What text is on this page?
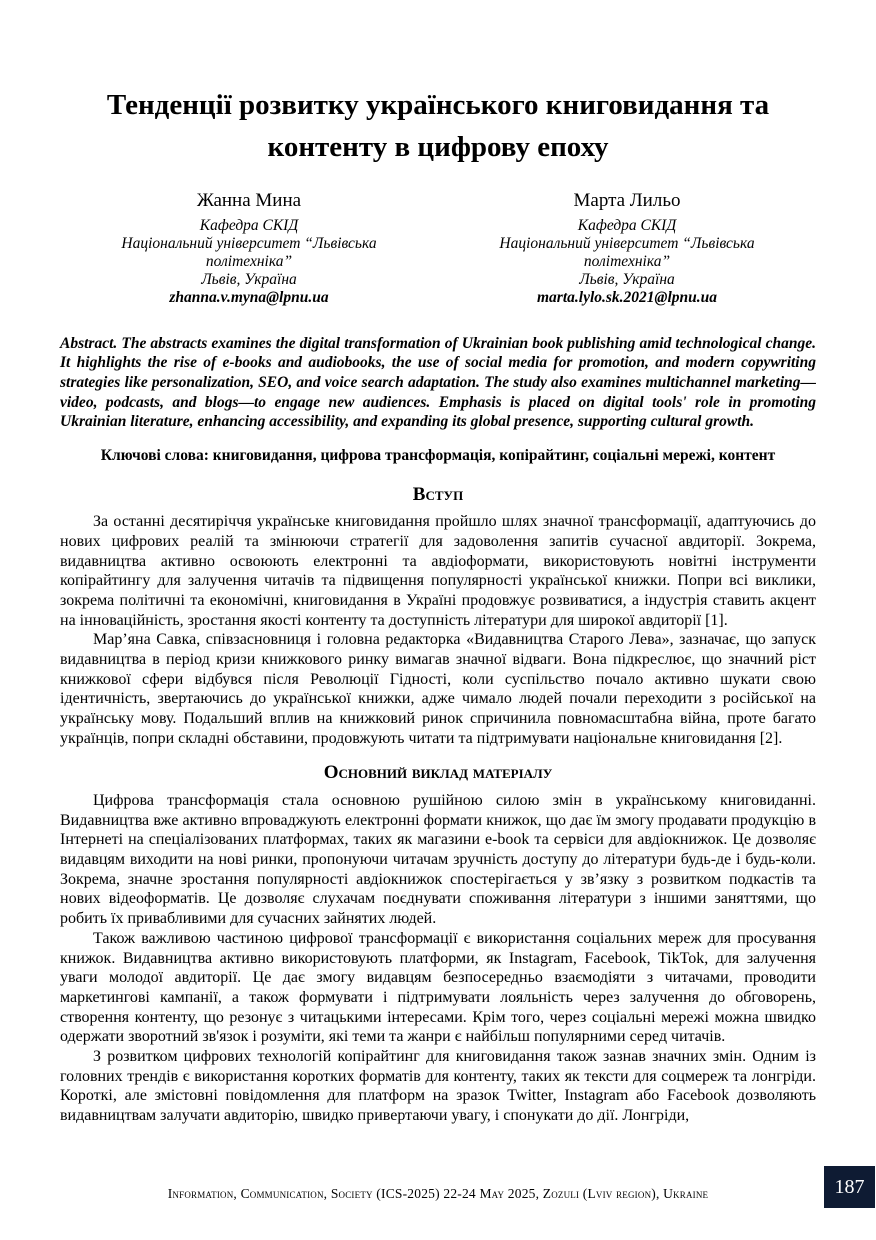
Тенденції розвитку українського книговидання та контенту в цифрову епоху
Жанна Мина
Кафедра СКІД
Національний університет “Львівська політехніка”
Львів, Україна
zhanna.v.myna@lpnu.ua
Марта Лильо
Кафедра СКІД
Національний університет “Львівська політехніка”
Львів, Україна
marta.lylo.sk.2021@lpnu.ua

Abstract. The abstracts examines the digital transformation of Ukrainian book publishing amid technological change. It highlights the rise of e-books and audiobooks, the use of social media for promotion, and modern copywriting strategies like personalization, SEO, and voice search adaptation. The study also examines multichannel marketing—video, podcasts, and blogs—to engage new audiences. Emphasis is placed on digital tools' role in promoting Ukrainian literature, enhancing accessibility, and expanding its global presence, supporting cultural growth.

Ключові слова: книговидання, цифрова трансформація, копірайтинг, соціальні мережі, контент

Вступ

За останні десятиріччя українське книговидання пройшло шлях значної трансформації, адаптуючись до нових цифрових реалій та змінюючи стратегії для задоволення запитів сучасної авдиторії. Зокрема, видавництва активно освоюють електронні та авдіоформати, використовують новітні інструменти копірайтингу для залучення читачів та підвищення популярності української книжки. Попри всі виклики, зокрема політичні та економічні, книговидання в Україні продовжує розвиватися, а індустрія ставить акцент на інноваційність, зростання якості контенту та доступність літератури для широкої авдиторії [1].

Мар’яна Савка, співзасновниця і головна редакторка «Видавництва Старого Лева», зазначає, що запуск видавництва в період кризи книжкового ринку вимагав значної відваги. Вона підкреслює, що значний ріст книжкової сфери відбувся після Революції Гідності, коли суспільство почало активно шукати свою ідентичність, звертаючись до української книжки, адже чимало людей почали переходити з російської на українську мову. Подальший вплив на книжковий ринок спричинила повномасштабна війна, проте багато українців, попри складні обставини, продовжують читати та підтримувати національне книговидання [2].

Основний виклад матеріалу

Цифрова трансформація стала основною рушійною силою змін в українському книговиданні. Видавництва вже активно впроваджують електронні формати книжок, що дає їм змогу продавати продукцію в Інтернеті на спеціалізованих платформах, таких як магазини e-book та сервіси для авдіокнижок. Це дозволяє видавцям виходити на нові ринки, пропонуючи читачам зручність доступу до літератури будь-де і будь-коли. Зокрема, значне зростання популярності авдіокнижок спостерігається у зв’язку з розвитком подкастів та нових відеоформатів. Це дозволяє слухачам поєднувати споживання літератури з іншими заняттями, що робить їх привабливими для сучасних зайнятих людей.

Також важливою частиною цифрової трансформації є використання соціальних мереж для просування книжок. Видавництва активно використовують платформи, як Instagram, Facebook, TikTok, для залучення уваги молодої авдиторії. Це дає змогу видавцям безпосередньо взаємодіяти з читачами, проводити маркетингові кампанії, а також формувати і підтримувати лояльність через залучення до обговорень, створення контенту, що резонує з читацькими інтересами. Крім того, через соціальні мережі можна швидко одержати зворотний зв'язок і розуміти, які теми та жанри є найбільш популярними серед читачів.

З розвитком цифрових технологій копірайтинг для книговидання також зазнав значних змін. Одним із головних трендів є використання коротких форматів для контенту, таких як тексти для соцмереж та лонгріди. Короткі, але змістовні повідомлення для платформ на зразок Twitter, Instagram або Facebook дозволяють видавництвам залучати авдиторію, швидко привертаючи увагу, і спонукати до дії. Лонгріди,

Information, Communication, Society (ICS-2025) 22-24 May 2025, Zozuli (Lviv region), Ukraine	187
